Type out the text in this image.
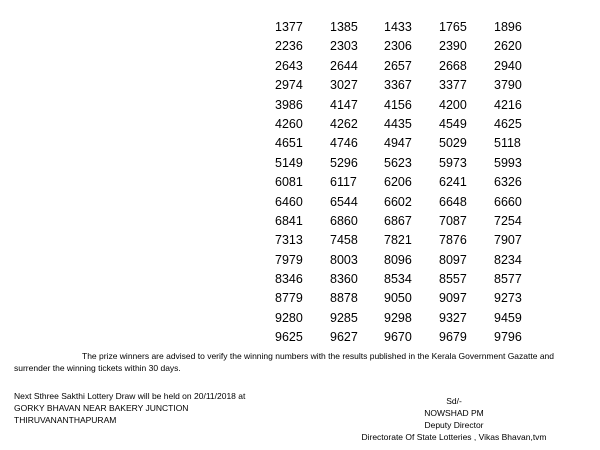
1377	1385	1433	1765	1896
2236	2303	2306	2390	2620
2643	2644	2657	2668	2940
2974	3027	3367	3377	3790
3986	4147	4156	4200	4216
4260	4262	4435	4549	4625
4651	4746	4947	5029	5118
5149	5296	5623	5973	5993
6081	6117	6206	6241	6326
6460	6544	6602	6648	6660
6841	6860	6867	7087	7254
7313	7458	7821	7876	7907
7979	8003	8096	8097	8234
8346	8360	8534	8557	8577
8779	8878	9050	9097	9273
9280	9285	9298	9327	9459
9625	9627	9670	9679	9796
The prize winners are advised to verify the winning numbers with the results published in the Kerala Government Gazatte and surrender the winning tickets within 30 days.
Next Sthree Sakthi Lottery Draw will be held on 20/11/2018 at
GORKY BHAVAN NEAR BAKERY JUNCTION
THIRUVANANTHAPURAM
Sd/-
NOWSHAD PM
Deputy Director
Directorate Of State Lotteries , Vikas Bhavan,tvm
